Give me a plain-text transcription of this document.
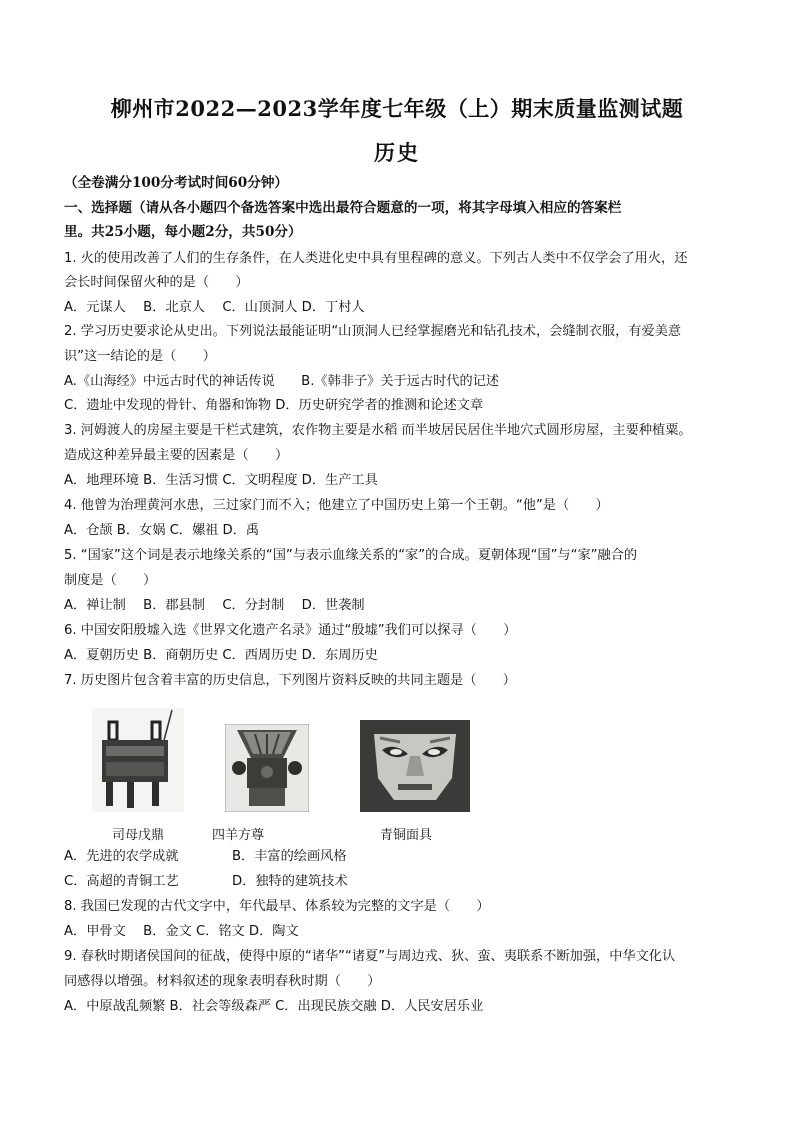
柳州市2022—2023学年度七年级（上）期末质量监测试题
历史
（全卷满分100分考试时间60分钟）
一、选择题（请从各小题四个备选答案中选出最符合题意的一项，将其字母填入相应的答案栏
里。共25小题，每小题2分，共50分）
1. 火的使用改善了人们的生存条件，在人类进化史中具有里程碑的意义。下列古人类中不仅学会了用火，还
会长时间保留火种的是（　　）
A．元谋人　 B．北京人　 C．山顶洞人 D．丁村人
2. 学习历史要求论从史出。下列说法最能证明“山顶洞人已经掌握磨光和钻孔技术，会缝制衣服，有爱美意
识”这一结论的是（　　）
A.《山海经》中远古时代的神话传说　　B.《韩非子》关于远古时代的记述
C．遗址中发现的骨针、角器和饰物 D．历史研究学者的推测和论述文章
3. 河姆渡人的房屋主要是干栏式建筑，农作物主要是水稻 而半坡居民居住半地穴式圆形房屋，主要种植粟。
造成这种差异最主要的因素是（　　）
A．地理环境 B．生活习惯 C．文明程度 D．生产工具
4. 他曾为治理黄河水患，三过家门而不入；他建立了中国历史上第一个王朝。“他”是（　　）
A．仓颉 B．女娲 C．嫘祖 D．禹
5. “国家”这个词是表示地缘关系的“国”与表示血缘关系的“家”的合成。夏朝体现“国”与“家”融合的
制度是（　　）
A．禅让制　 B．郡县制　 C．分封制　 D．世袭制
6. 中国安阳殷墟入选《世界文化遗产名录》通过“殷墟”我们可以探寻（　　）
A．夏朝历史 B．商朝历史 C．西周历史 D．东周历史
7. 历史图片包含着丰富的历史信息，下列图片资料反映的共同主题是（　　）
司母戊鼎	四羊方尊	青铜面具
A．先进的农学成就	B．丰富的绘画风格
C．高超的青铜工艺	D．独特的建筑技术
8. 我国已发现的古代文字中，年代最早、体系较为完整的文字是（　　）
A．甲骨文　 B．金文 C．铭文 D．陶文
9. 春秋时期诸侯国间的征战，使得中原的“诸华”“诸夏”与周边戎、狄、蛮、夷联系不断加强，中华文化认
同感得以增强。材料叙述的现象表明春秋时期（　　）
A．中原战乱频繁 B．社会等级森严 C．出现民族交融 D．人民安居乐业
